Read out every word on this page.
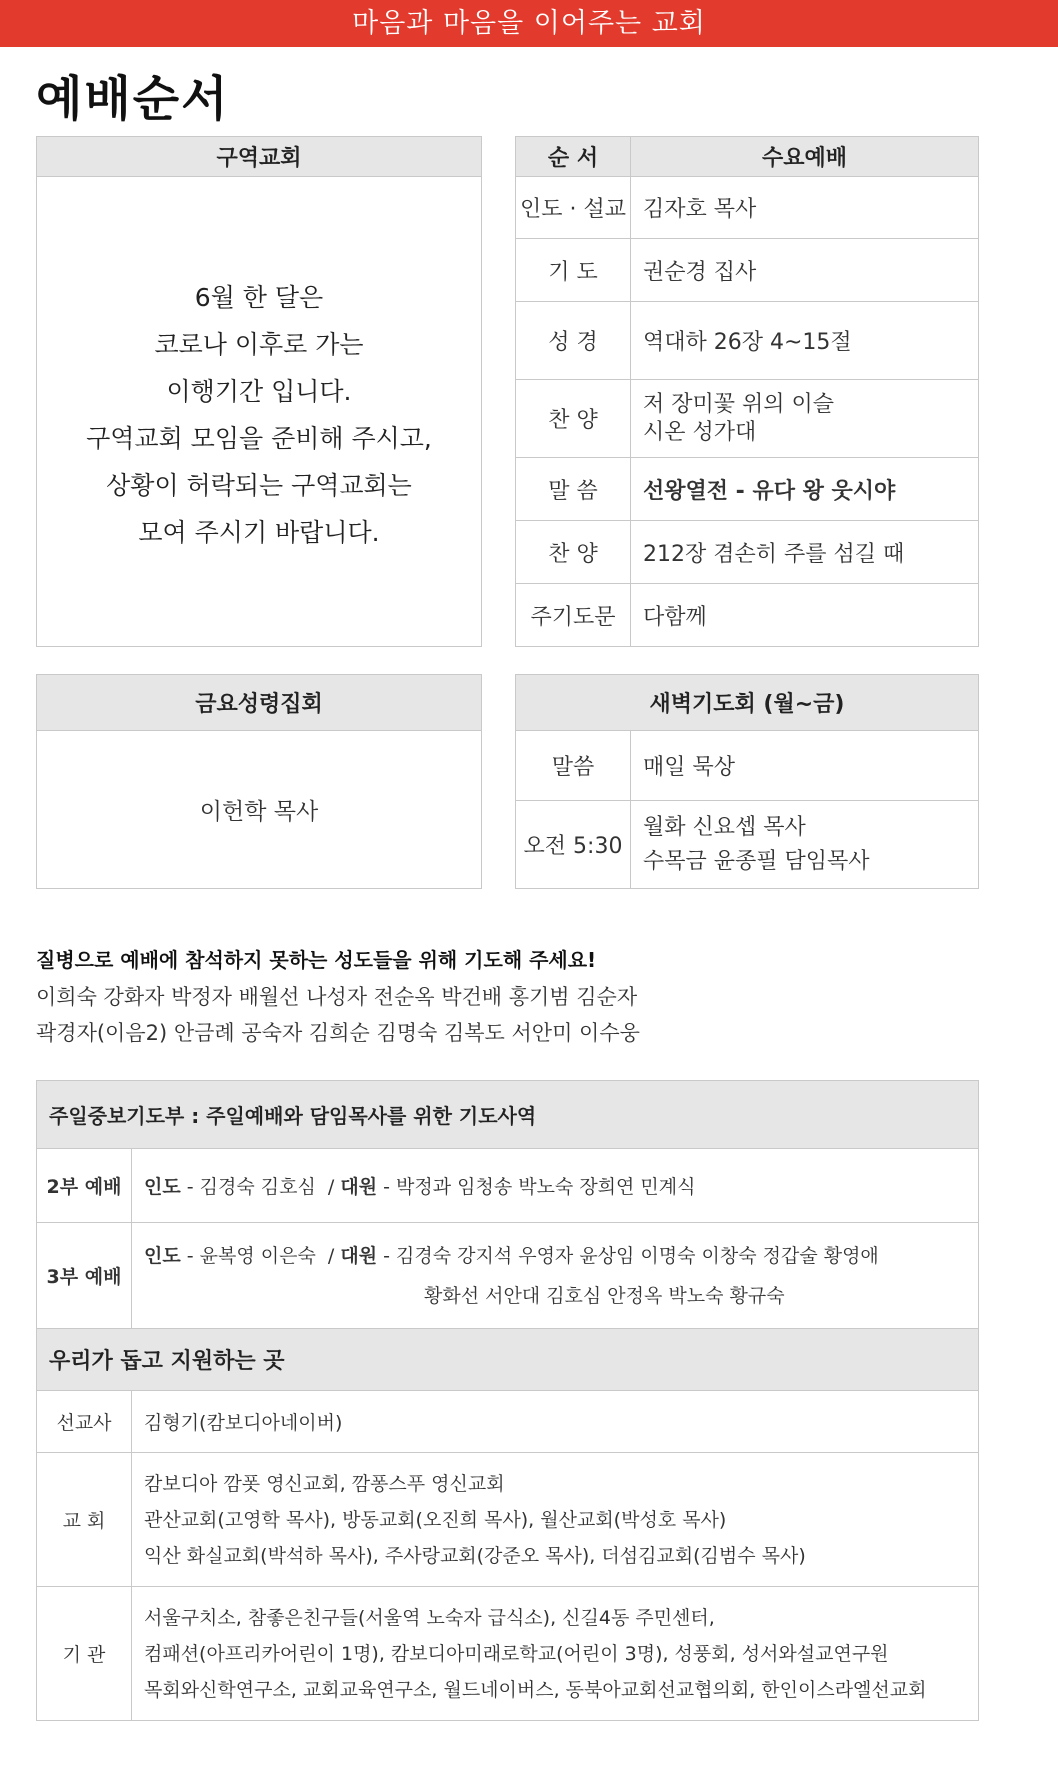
마음과 마음을 이어주는 교회
예배순서
구역교회

6월 한 달은
코로나 이후로 가는
이행기간 입니다.
구역교회 모임을 준비해 주시고,
상황이 허락되는 구역교회는
모여 주시기 바랍니다.
순 서	수요예배
인도 · 설교	김자호 목사
기 도	권순경 집사
성 경	역대하 26장 4~15절
찬 양	저 장미꽃 위의 이슬
시온 성가대

말 씀	선왕열전 - 유다 왕 웃시야
찬 양	212장 겸손히 주를 섬길 때
주기도문	다함께
금요성령집회
이헌학 목사
새벽기도회 (월~금)	
말씀	매일 묵상
오전 5:30	월화 신요셉 목사
수목금 윤종필 담임목사
질병으로 예배에 참석하지 못하는 성도들을 위해 기도해 주세요!
이희숙 강화자 박정자 배월선 나성자 전순옥 박건배 홍기범 김순자
곽경자(이음2) 안금례 공숙자 김희순 김명숙 김복도 서안미 이수웅
주일중보기도부 : 주일예배와 담임목사를 위한 기도사역	
2부 예배	인도 - 김경숙 김호심  / 대원 - 박정과 임청송 박노숙 장희연 민계식
3부 예배	인도 - 윤복영 이은숙  / 대원 - 김경숙 강지석 우영자 윤상임 이명숙 이창숙 정갑술 황영애
황화선 서안대 김호심 안정옥 박노숙 황규숙

우리가 돕고 지원하는 곳	
선교사	김형기(캄보디아네이버)
교 회	캄보디아 깜폿 영신교회, 깜퐁스푸 영신교회
관산교회(고영학 목사), 방동교회(오진희 목사), 월산교회(박성호 목사)
익산 화실교회(박석하 목사), 주사랑교회(강준오 목사), 더섬김교회(김범수 목사)

기 관	서울구치소, 참좋은친구들(서울역 노숙자 급식소), 신길4동 주민센터,
컴패션(아프리카어린이 1명), 캄보디아미래로학교(어린이 3명), 성풍회, 성서와설교연구원
목회와신학연구소, 교회교육연구소, 월드네이버스, 동북아교회선교협의회, 한인이스라엘선교회
